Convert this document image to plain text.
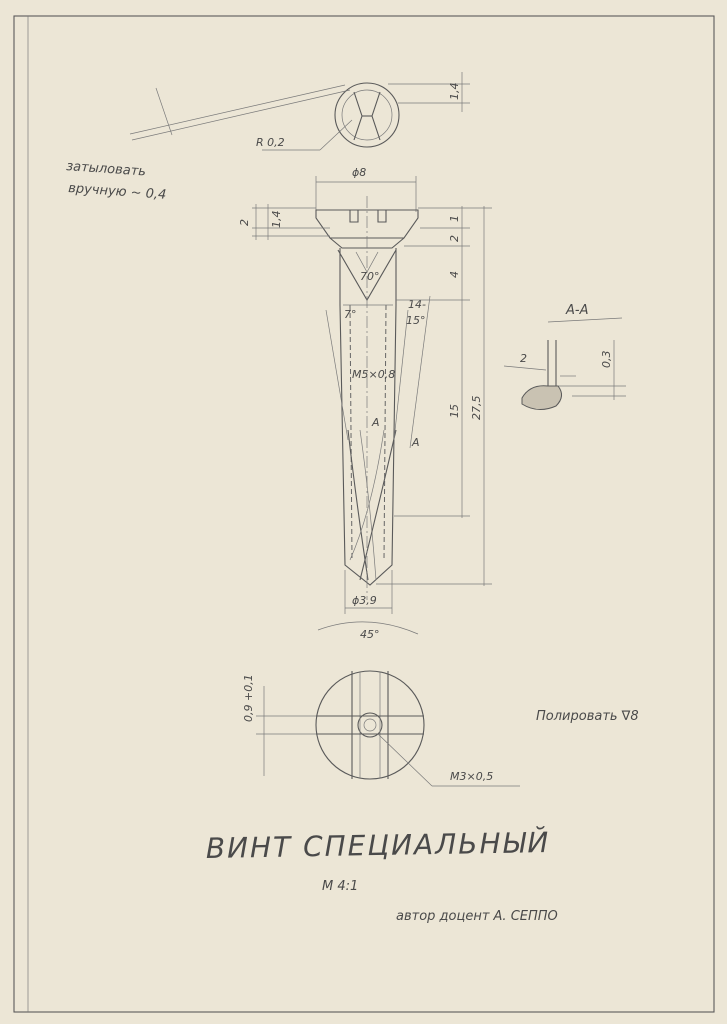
1,4
R 0,2
затыловать
вручную ~ 0,4
ϕ8
70°
7°
14-
15°
М5×0,8
А
А
2 1,4	1
2
4
15 27,5
ϕ3,9
45°
А-А
2	0,3
0,9 +0,1
М3×0,5
Полировать ∇8
ВИНТ СПЕЦИАЛЬНЫЙ
М 4:1
автор доцент А. СЕППО
